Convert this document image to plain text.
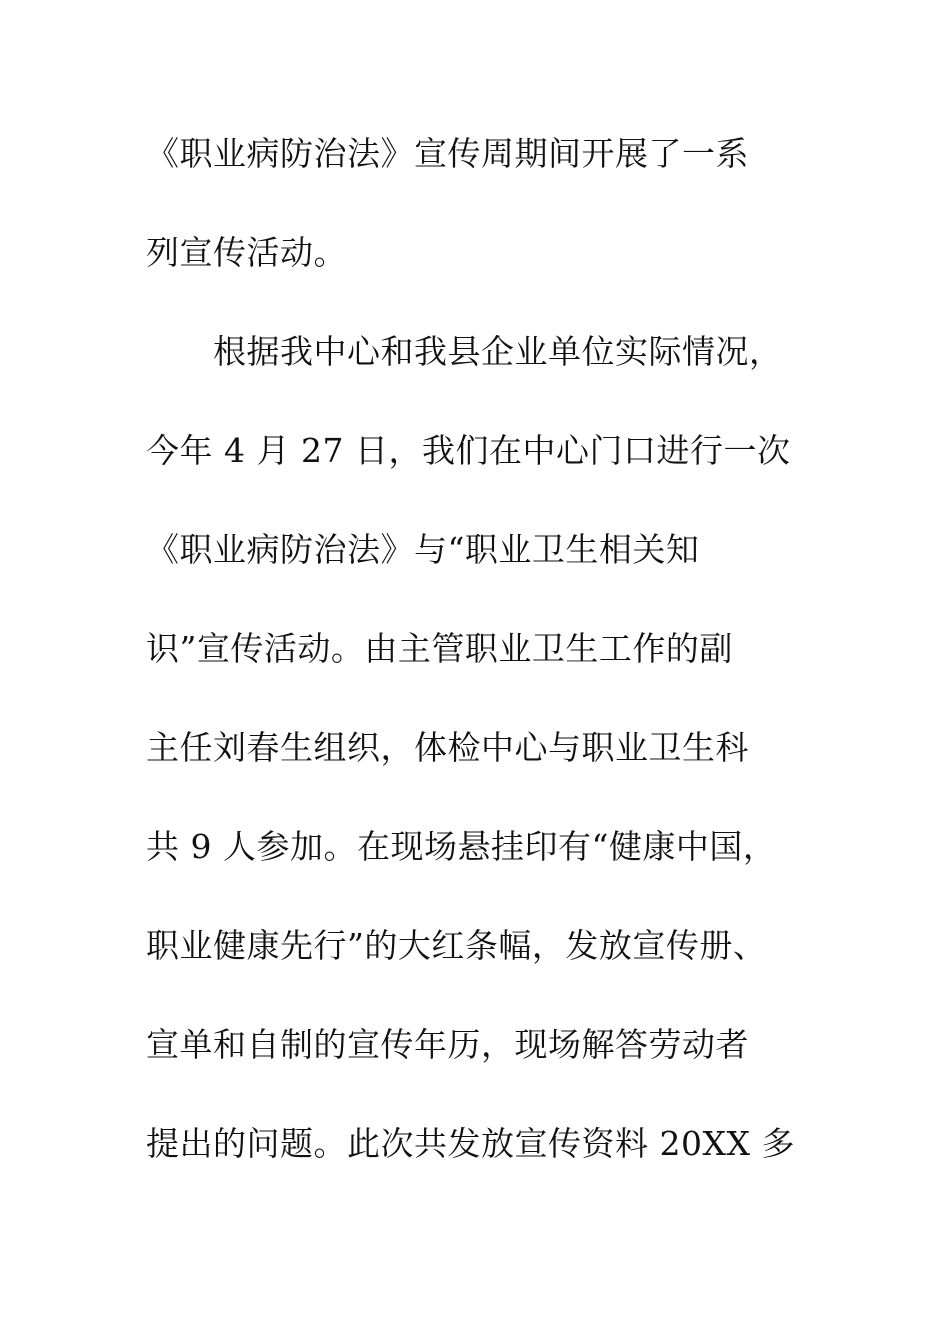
《职业病防治法》宣传周期间开展了一系
列宣传活动。
　　根据我中心和我县企业单位实际情况，
今年 4 月 27 日，我们在中心门口进行一次
《职业病防治法》与“职业卫生相关知
识”宣传活动。由主管职业卫生工作的副
主任刘春生组织，体检中心与职业卫生科
共 9 人参加。在现场悬挂印有“健康中国，
职业健康先行”的大红条幅，发放宣传册、
宣单和自制的宣传年历，现场解答劳动者
提出的问题。此次共发放宣传资料 20XX 多
